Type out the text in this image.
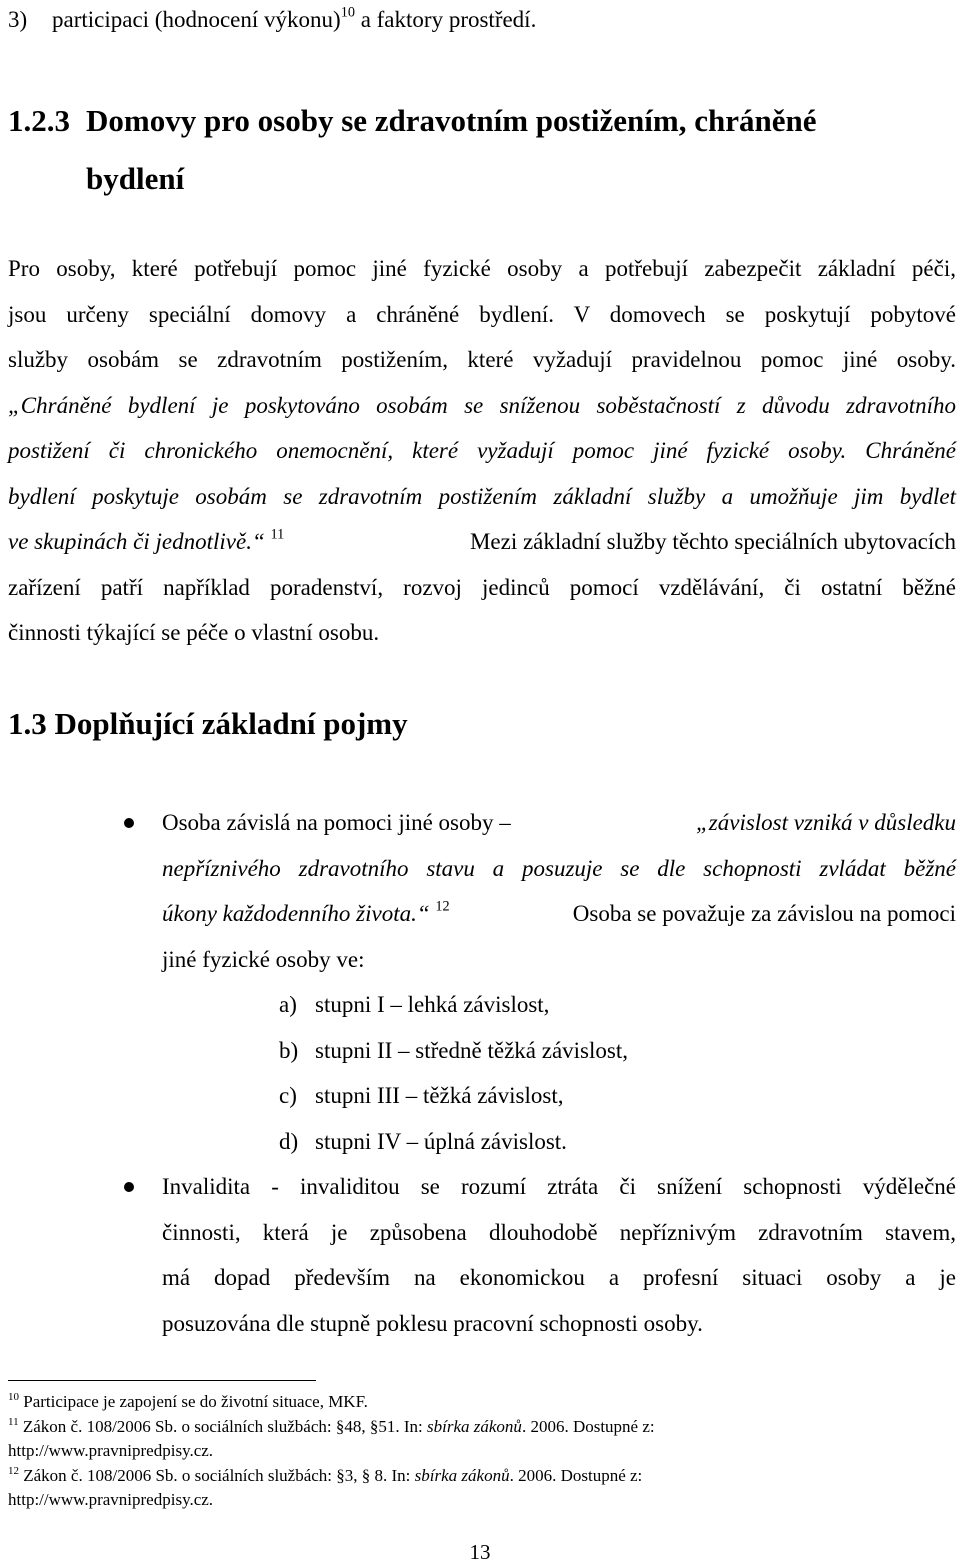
3) participaci (hodnocení výkonu)$^{10}$ a faktory prostředí.
1.2.3 Domovy pro osoby se zdravotním postižením, chráněné
bydlení
Pro osoby, které potřebují pomoc jiné fyzické osoby a potřebují zabezpečit základní péči,
jsou určeny speciální domovy a chráněné bydlení. V domovech se poskytují pobytové
služby osobám se zdravotním postižením, které vyžadují pravidelnou pomoc jiné osoby.
„Chráněné bydlení je poskytováno osobám se sníženou soběstačností z důvodu zdravotního
postižení či chronického onemocnění, které vyžadují pomoc jiné fyzické osoby. Chráněné
bydlení poskytuje osobám se zdravotním postižením základní služby a umožňuje jim bydlet
ve skupinách či jednotlivě.“ $^{11}$	Mezi základní služby těchto speciálních ubytovacích
zařízení patří například poradenství, rozvoj jedinců pomocí vzdělávání, či ostatní běžné
činnosti týkající se péče o vlastní osobu.
1.3 Doplňující základní pojmy
Osoba závislá na pomoci jiné osoby –	„závislost vzniká v důsledku
nepříznivého zdravotního stavu a posuzuje se dle schopnosti zvládat běžné
úkony každodenního života.“ $^{12}$	Osoba se považuje za závislou na pomoci
jiné fyzické osoby ve:
a) stupni I – lehká závislost,
b) stupni II – středně těžká závislost,
c) stupni III – těžká závislost,
d) stupni IV – úplná závislost.
Invalidita - invaliditou se rozumí ztráta či snížení schopnosti výdělečné
činnosti, která je způsobena dlouhodobě nepříznivým zdravotním stavem,
má dopad především na ekonomickou a profesní situaci osoby a je
posuzována dle stupně poklesu pracovní schopnosti osoby.
$^{10}$ Participace je zapojení se do životní situace, MKF.
$^{11}$ Zákon č. 108/2006 Sb. o sociálních službách: §48, §51. In: sbírka zákonů. 2006. Dostupné z:
http://www.pravnipredpisy.cz.
$^{12}$ Zákon č. 108/2006 Sb. o sociálních službách: §3, § 8. In: sbírka zákonů. 2006. Dostupné z:
http://www.pravnipredpisy.cz.
13
